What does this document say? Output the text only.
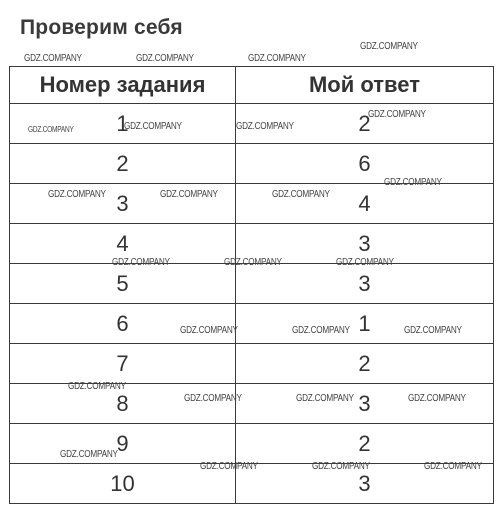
Проверим себя
Номер задания	Мой ответ
1	2
2	6
3	4
4	3
5	3
6	1
7	2
8	3
9	2
10	3
GDZ.COMPANY	GDZ.COMPANY	GDZ.COMPANY
GDZ.COMPANY
GDZ.COMPANY	GDZ.COMPANY	GDZ.COMPANY
GDZ.COMPANY
GDZ.COMPANY
GDZ.COMPANY	GDZ.COMPANY	GDZ.COMPANY
GDZ.COMPANY	GDZ.COMPANY	GDZ.COMPANY
GDZ.COMPANY	GDZ.COMPANY	GDZ.COMPANY
GDZ.COMPANY
GDZ.COMPANY	GDZ.COMPANY	GDZ.COMPANY
GDZ.COMPANY
GDZ.COMPANY	GDZ.COMPANY	GDZ.COMPANY
